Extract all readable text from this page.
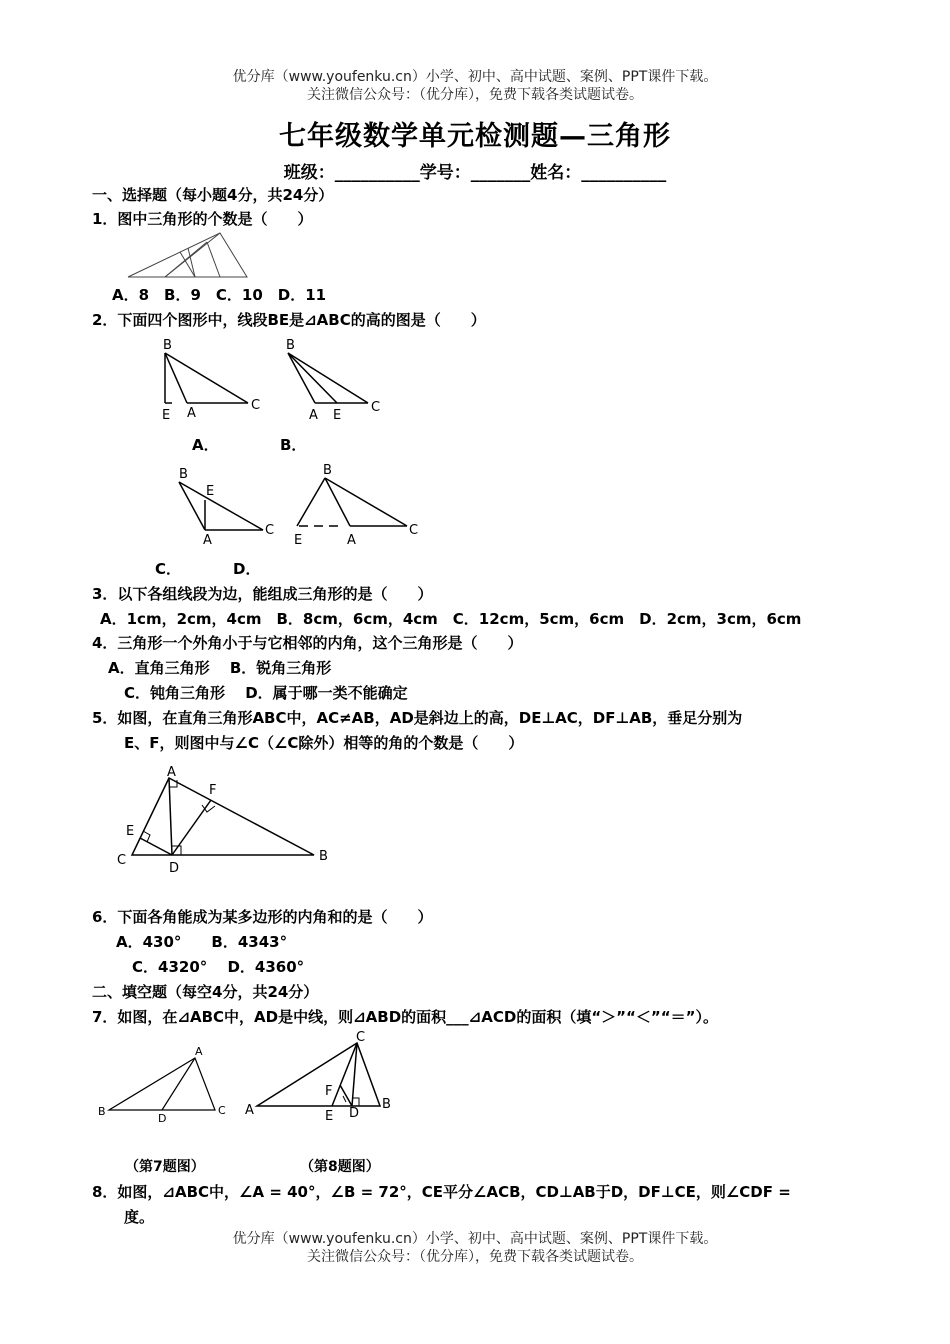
优分库（www.youfenku.cn）小学、初中、高中试题、案例、PPT课件下载。
关注微信公众号：（优分库），免费下载各类试题试卷。
七年级数学单元检测题—三角形
班级：__________学号：_______姓名：__________
一、选择题（每小题4分，共24分）
1．图中三角形的个数是（　　）
A．8　B．9　C．10　D．11
2．下面四个图形中，线段BE是⊿ABC的高的图是（　　）
B
E A
C
B
A E
C
A．	B．
B
E
A
C
B
E	A
C
C．	D．
3．以下各组线段为边，能组成三角形的是（　　）
A．1cm，2cm，4cm　B．8cm，6cm，4cm　C．12cm，5cm，6cm　D．2cm，3cm，6cm
4．三角形一个外角小于与它相邻的内角，这个三角形是（　　）
A．直角三角形　 B．锐角三角形
C．钝角三角形　 D．属于哪一类不能确定
5．如图，在直角三角形ABC中，AC≠AB，AD是斜边上的高，DE⊥AC，DF⊥AB，垂足分别为
E、F，则图中与∠C（∠C除外）相等的角的个数是（　　）
A
F
E
C
D
B
6．下面各角能成为某多边形的内角和的是（　　）
A．430°　　B．4343°
C．4320°　 D．4360°
二、填空题（每空4分，共24分）
7．如图，在⊿ABC中，AD是中线，则⊿ABD的面积___⊿ACD的面积（填“＞”“＜”“＝”）。
A
B
D
C
C
F
A	E D
B
（第7题图）	（第8题图）
8．如图，⊿ABC中，∠A = 40°，∠B = 72°，CE平分∠ACB，CD⊥AB于D，DF⊥CE，则∠CDF =
度。
优分库（www.youfenku.cn）小学、初中、高中试题、案例、PPT课件下载。
关注微信公众号：（优分库），免费下载各类试题试卷。
